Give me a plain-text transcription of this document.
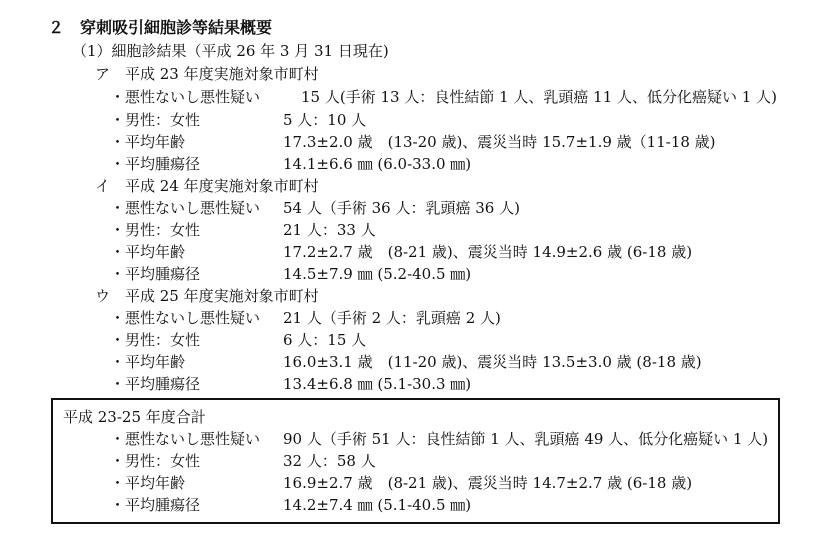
２　穿刺吸引細胞診等結果概要
（1）細胞診結果（平成 26 年 3 月 31 日現在)
ア　平成 23 年度実施対象市町村
・悪性ないし悪性疑い	15 人(手術 13 人：良性結節 1 人、乳頭癌 11 人、低分化癌疑い 1 人)
・男性：女性	5 人：10 人
・平均年齢	17.3±2.0 歳　(13-20 歳)、震災当時 15.7±1.9 歳（11-18 歳)
・平均腫瘍径	14.1±6.6 ㎜ (6.0-33.0 ㎜)
イ　平成 24 年度実施対象市町村
・悪性ないし悪性疑い 54 人（手術 36 人：乳頭癌 36 人)
・男性：女性	21 人：33 人
・平均年齢	17.2±2.7 歳　(8-21 歳)、震災当時 14.9±2.6 歳 (6-18 歳)
・平均腫瘍径	14.5±7.9 ㎜ (5.2-40.5 ㎜)
ウ　平成 25 年度実施対象市町村
・悪性ないし悪性疑い 21 人（手術 2 人：乳頭癌 2 人)
・男性：女性	6 人：15 人
・平均年齢	16.0±3.1 歳　(11-20 歳)、震災当時 13.5±3.0 歳 (8-18 歳)
・平均腫瘍径	13.4±6.8 ㎜ (5.1-30.3 ㎜)
平成 23-25 年度合計
・悪性ないし悪性疑い 90 人（手術 51 人：良性結節 1 人、乳頭癌 49 人、低分化癌疑い 1 人)
・男性：女性	32 人：58 人
・平均年齢	16.9±2.7 歳　(8-21 歳)、震災当時 14.7±2.7 歳 (6-18 歳)
・平均腫瘍径	14.2±7.4 ㎜ (5.1-40.5 ㎜)
